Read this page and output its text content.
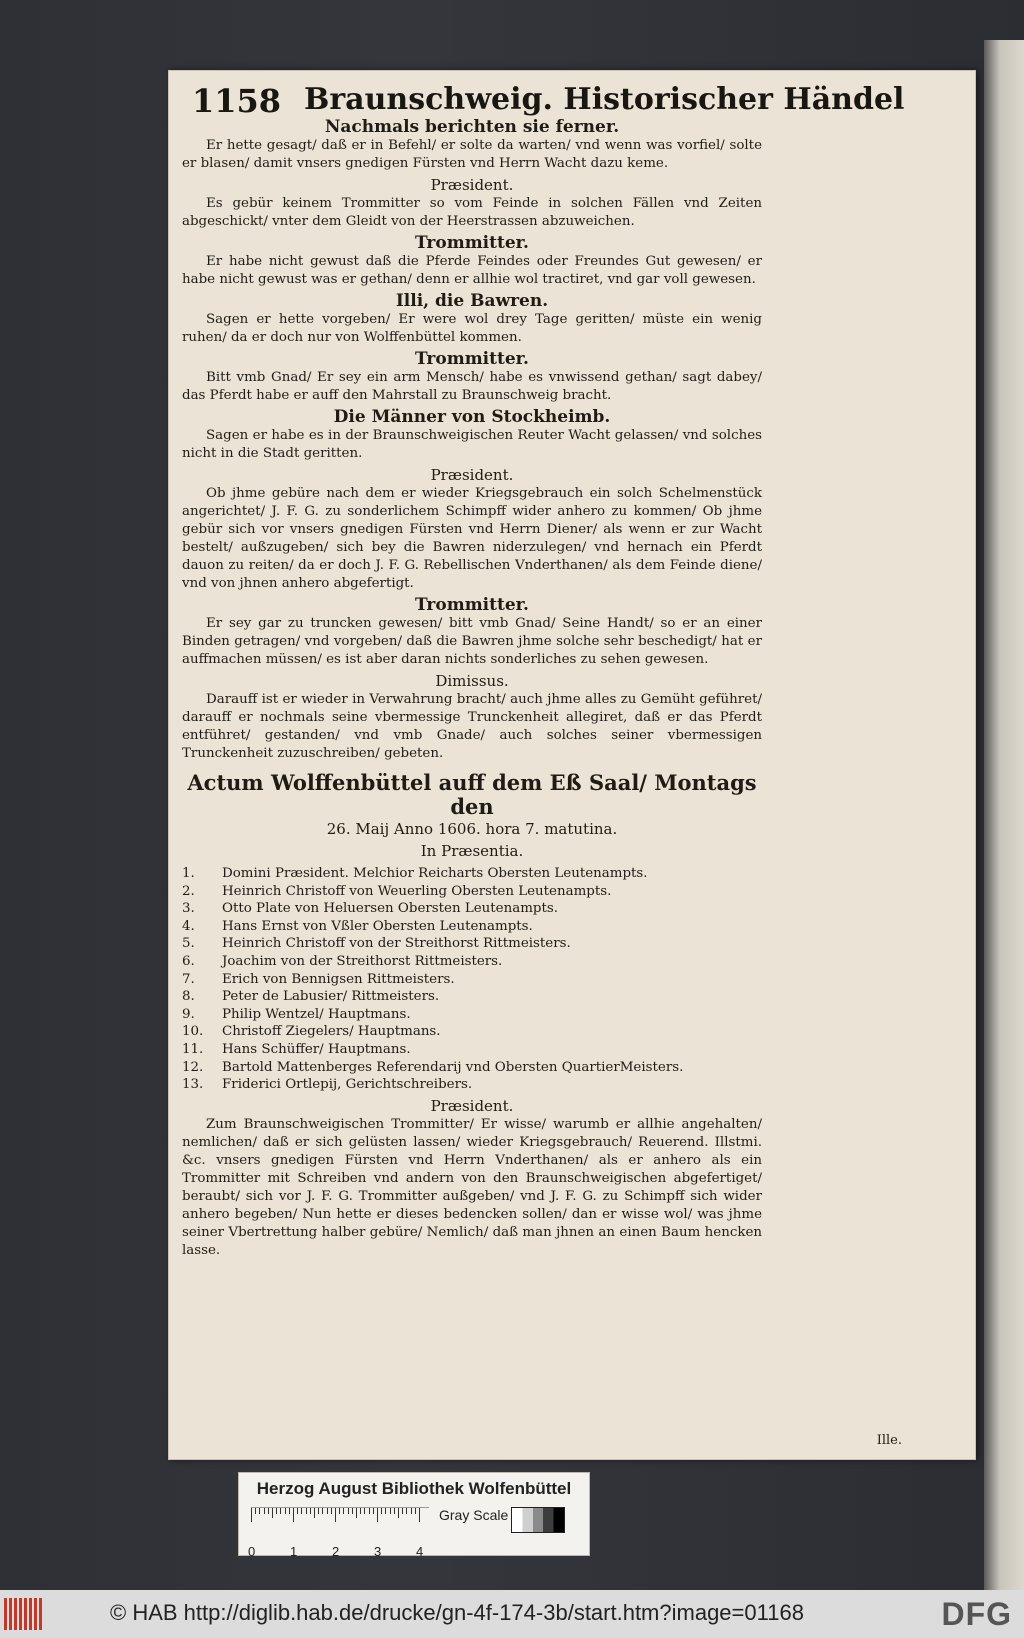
Ille.
1158 Braunschweig. Historischer Händel
Nachmals berichten sie ferner.

Er hette gesagt/ daß er in Befehl/ er solte da warten/ vnd wenn was vorfiel/ solte er blasen/ damit vnsers gnedigen Fürsten vnd Herrn Wacht dazu keme.

Præsident.

Es gebür keinem Trommitter so vom Feinde in solchen Fällen vnd Zeiten abgeschickt/ vnter dem Gleidt von der Heerstrassen abzuweichen.

Trommitter.

Er habe nicht gewust daß die Pferde Feindes oder Freundes Gut gewesen/ er habe nicht gewust was er gethan/ denn er allhie wol tractiret, vnd gar voll gewesen.

Illi, die Bawren.

Sagen er hette vorgeben/ Er were wol drey Tage geritten/ müste ein wenig ruhen/ da er doch nur von Wolffenbüttel kommen.

Trommitter.

Bitt vmb Gnad/ Er sey ein arm Mensch/ habe es vnwissend gethan/ sagt dabey/ das Pferdt habe er auff den Mahrstall zu Braunschweig bracht.

Die Männer von Stockheimb.

Sagen er habe es in der Braunschweigischen Reuter Wacht gelassen/ vnd solches nicht in die Stadt geritten.

Præsident.

Ob jhme gebüre nach dem er wieder Kriegsgebrauch ein solch Schelmenstück angerichtet/ J. F. G. zu sonderlichem Schimpff wider anhero zu kommen/ Ob jhme gebür sich vor vnsers gnedigen Fürsten vnd Herrn Diener/ als wenn er zur Wacht bestelt/ außzugeben/ sich bey die Bawren niderzulegen/ vnd hernach ein Pferdt dauon zu reiten/ da er doch J. F. G. Rebellischen Vnderthanen/ als dem Feinde diene/ vnd von jhnen anhero abgefertigt.

Trommitter.

Er sey gar zu truncken gewesen/ bitt vmb Gnad/ Seine Handt/ so er an einer Binden getragen/ vnd vorgeben/ daß die Bawren jhme solche sehr beschedigt/ hat er auffmachen müssen/ es ist aber daran nichts sonderliches zu sehen gewesen.

Dimissus.

Darauff ist er wieder in Verwahrung bracht/ auch jhme alles zu Gemüht geführet/ darauff er nochmals seine vbermessige Trunckenheit allegiret, daß er das Pferdt entführet/ gestanden/ vnd vmb Gnade/ auch solches seiner vbermessigen Trunckenheit zuzuschreiben/ gebeten.

Actum Wolffenbüttel auff dem Eß Saal/ Montags den
26. Maij Anno 1606. hora 7. matutina.
In Præsentia.
1.	Domini Præsident. Melchior Reicharts Obersten Leutenampts.
2.	Heinrich Christoff von Weuerling Obersten Leutenampts.
3.	Otto Plate von Heluersen Obersten Leutenampts.
4.	Hans Ernst von Vßler Obersten Leutenampts.
5.	Heinrich Christoff von der Streithorst Rittmeisters.
6.	Joachim von der Streithorst Rittmeisters.
7.	Erich von Bennigsen Rittmeisters.
8.	Peter de Labusier/ Rittmeisters.
9.	Philip Wentzel/ Hauptmans.
10.	Christoff Ziegelers/ Hauptmans.
11.	Hans Schüffer/ Hauptmans.
12.	Bartold Mattenberges Referendarij vnd Obersten QuartierMeisters.
13.	Friderici Ortlepij, Gerichtschreibers.
Præsident.

Zum Braunschweigischen Trommitter/ Er wisse/ warumb er allhie angehalten/ nemlichen/ daß er sich gelüsten lassen/ wieder Kriegsgebrauch/ Reuerend. Illstmi. &c. vnsers gnedigen Fürsten vnd Herrn Vnderthanen/ als er anhero als ein Trommitter mit Schreiben vnd andern von den Braunschweigischen abgefertiget/ beraubt/ sich vor J. F. G. Trommitter außgeben/ vnd J. F. G. zu Schimpff sich wider anhero begeben/ Nun hette er dieses bedencken sollen/ dan er wisse wol/ was jhme seiner Vbertrettung halber gebüre/ Nemlich/ daß man jhnen an einen Baum hencken lasse.

Herzog August Bibliothek Wolfenbüttel
0	1	2	3	4
Gray Scale
© HAB http://diglib.hab.de/drucke/gn-4f-174-3b/start.htm?image=01168	DFG
